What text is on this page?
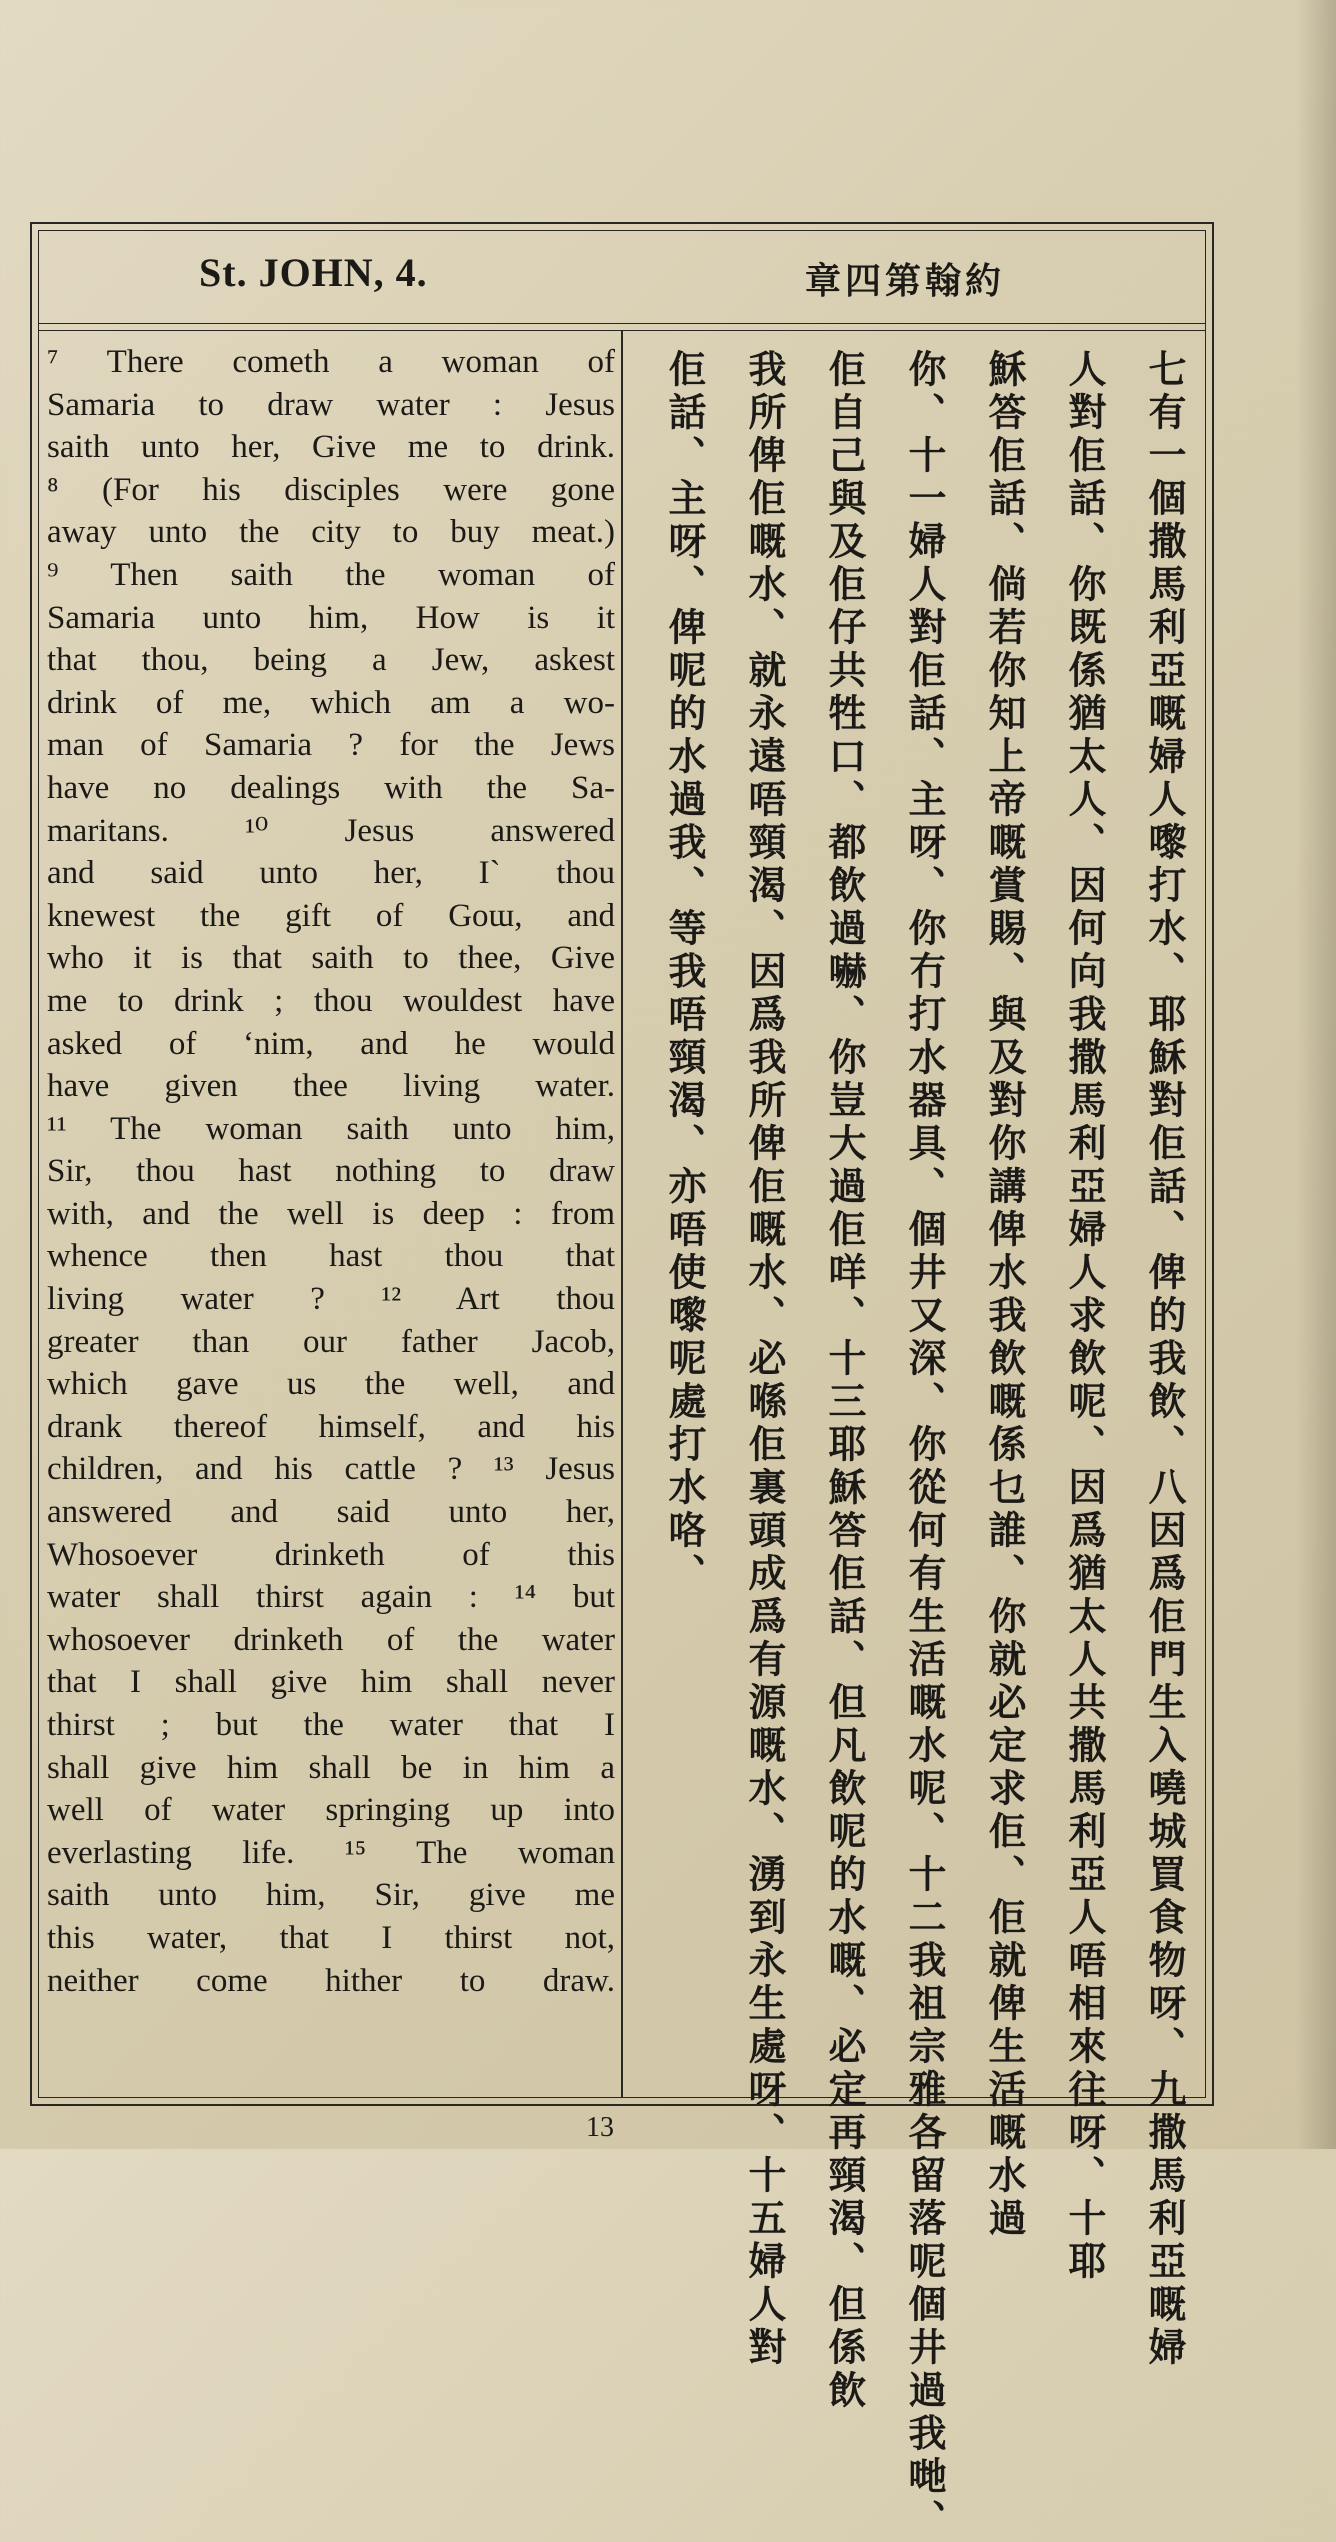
St. JOHN, 4.	章四第翰約
⁷ There cometh a woman of
Samaria to draw water : Jesus
saith unto her, Give me to drink.
⁸ (For his disciples were gone
away unto the city to buy meat.)
⁹ Then saith the woman of
Samaria unto him, How is it
that thou, being a Jew, askest
drink of me, which am a wo-
man of Samaria ? for the Jews
have no dealings with the Sa-
maritans. ¹⁰ Jesus answered
and said unto her, I` thou
knewest the gift of Goɯ, and
who it is that saith to thee, Give
me to drink ; thou wouldest have
asked of ʻnim, and he would
have given thee living water.
¹¹ The woman saith unto him,
Sir, thou hast nothing to draw
with, and the well is deep : from
whence then hast thou that
living water ? ¹² Art thou
greater than our father Jacob,
which gave us the well, and
drank thereof himself, and his
children, and his cattle ? ¹³ Jesus
answered and said unto her,
Whosoever drinketh of this
water shall thirst again : ¹⁴ but
whosoever drinketh of the water
that I shall give him shall never
thirst ; but the water that I
shall give him shall be in him a
well of water springing up into
everlasting life. ¹⁵ The woman
saith unto him, Sir, give me
this water, that I thirst not,
neither come hither to draw.	七有一個撒馬利亞嘅婦人嚟打水、耶穌對佢話、俾的我飲、八因爲佢門生入嘵城買食物呀、九撒馬利亞嘅婦
人對佢話、你既係猶太人、因何向我撒馬利亞婦人求飲呢、因爲猶太人共撒馬利亞人唔相來往呀、十耶
穌答佢話、倘若你知上帝嘅賞賜、與及對你講俾水我飲嘅係乜誰、你就必定求佢、佢就俾生活嘅水過
你、十一婦人對佢話、主呀、你冇打水器具、個井又深、你從何有生活嘅水呢、十二我祖宗雅各留落呢個井過我哋、
佢自己與及佢仔共牲口、都飲過嚇、你豈大過佢咩、十三耶穌答佢話、但凡飲呢的水嘅、必定再頸渴、但係飲
我所俾佢嘅水、就永遠唔頸渴、因爲我所俾佢嘅水、必喺佢裏頭成爲有源嘅水、湧到永生處呀、十五婦人對
佢話、主呀、俾呢的水過我、等我唔頸渴、亦唔使嚟呢處打水咯、
13
